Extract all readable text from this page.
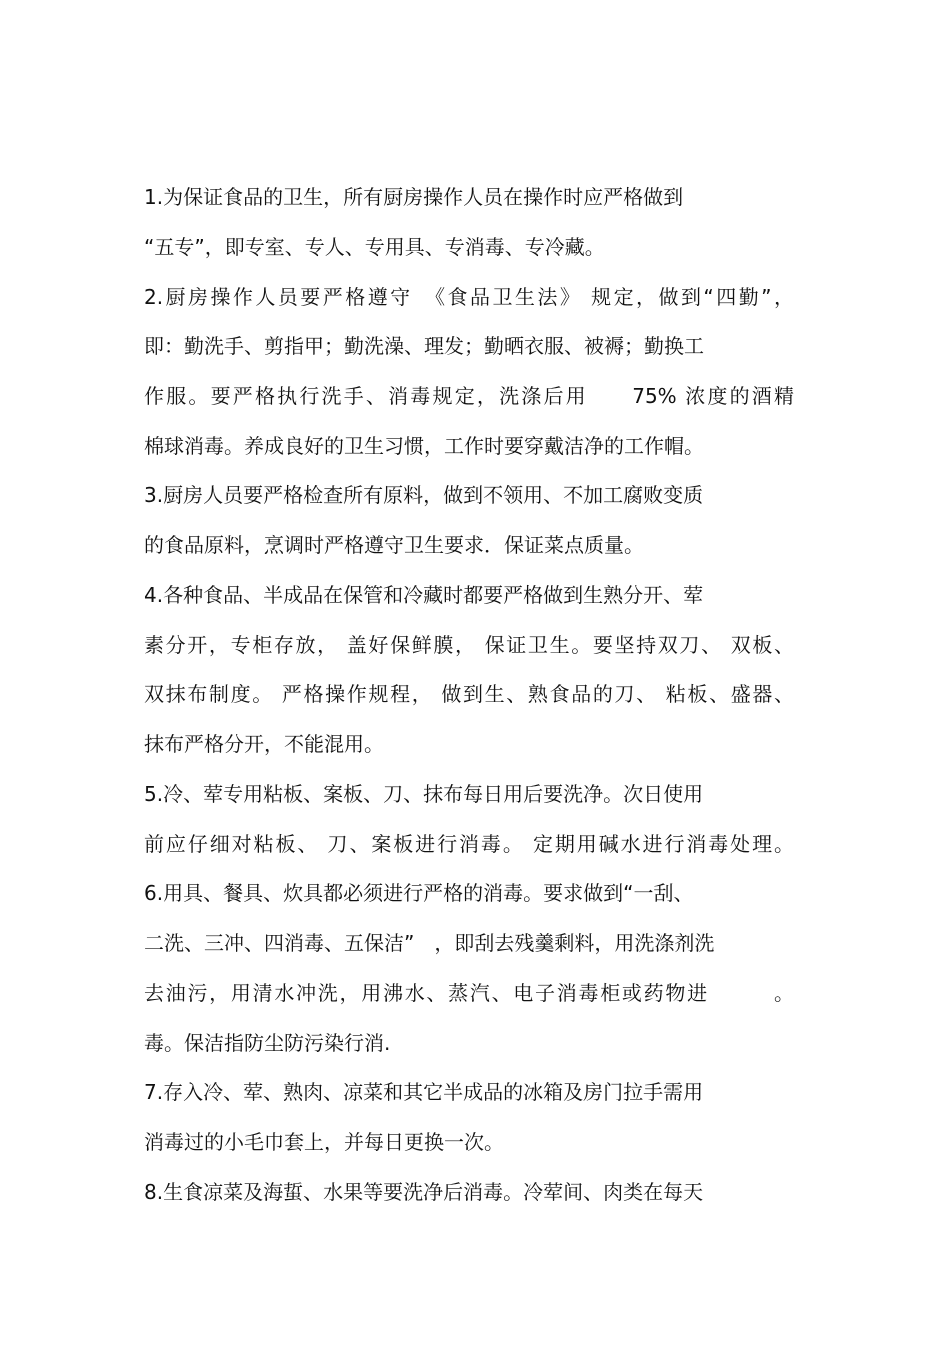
1.为保证食品的卫生，所有厨房操作人员在操作时应严格做到

“五专”，即专室、专人、专用具、专消毒、专冷藏。

2.厨房操作人员要严格遵守　《食品卫生法》 规定，做到“四勤”，

即：勤洗手、剪指甲；勤洗澡、理发；勤晒衣服、被褥；勤换工

作服。要严格执行洗手、消毒规定，洗涤后用　　75% 浓度的酒精

棉球消毒。养成良好的卫生习惯，工作时要穿戴洁净的工作帽。

3.厨房人员要严格检查所有原料，做到不领用、不加工腐败变质

的食品原料，烹调时严格遵守卫生要求．保证菜点质量。

4.各种食品、半成品在保管和冷藏时都要严格做到生熟分开、荤

素分开，专柜存放， 盖好保鲜膜， 保证卫生。要坚持双刀、 双板、

双抹布制度。 严格操作规程， 做到生、熟食品的刀、 粘板、盛器、

抹布严格分开，不能混用。

5.冷、荤专用粘板、案板、刀、抹布每日用后要洗净。次日使用

前应仔细对粘板、 刀、案板进行消毒。 定期用碱水进行消毒处理。

6.用具、餐具、炊具都必须进行严格的消毒。要求做到“一刮、

二洗、三冲、四消毒、五保洁”　，即刮去残羹剩料，用洗涤剂洗

去油污，用清水冲洗，用沸水、蒸汽、电子消毒柜或药物进　　　。

毒。保洁指防尘防污染行消.

7.存入冷、荤、熟肉、凉菜和其它半成品的冰箱及房门拉手需用

消毒过的小毛巾套上，并每日更换一次。

8.生食凉菜及海蜇、水果等要洗净后消毒。冷荤间、肉类在每天
